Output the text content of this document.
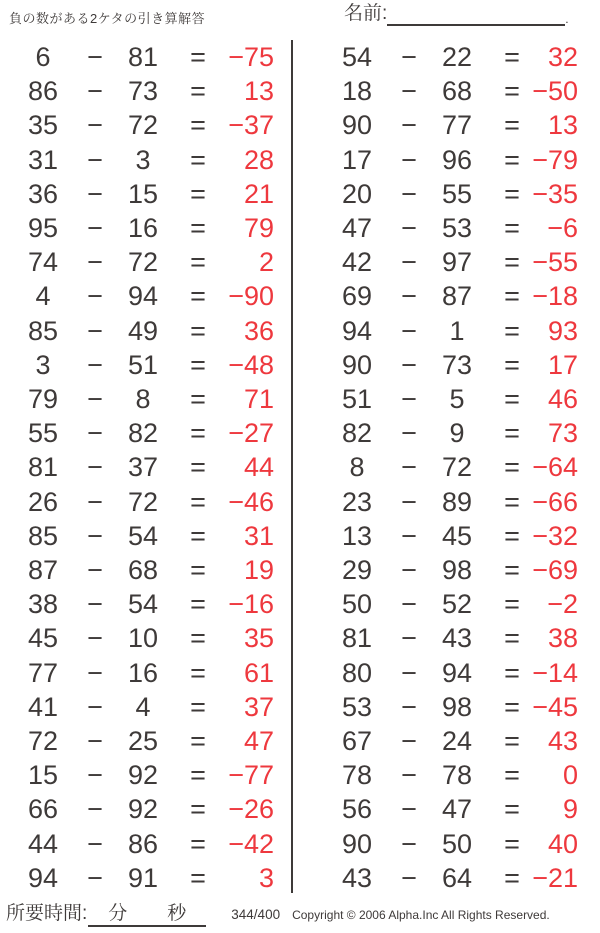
負の数がある2ケタの引き算解答	名前:	.
6	− 81	= −75
86	− 73	=	13
35	− 72	= −37
31	−	3	=	28
36	− 15	=	21
95	− 16	=	79
74	− 72	=	2
4	− 94	= −90
85	− 49	=	36
3	− 51	= −48
79	−	8	=	71
55	− 82	= −27
81	− 37	=	44
26	− 72	= −46
85	− 54	=	31
87	− 68	=	19
38	− 54	= −16
45	− 10	=	35
77	− 16	=	61
41	−	4	=	37
72	− 25	=	47
15	− 92	= −77
66	− 92	= −26
44	− 86	= −42
94	− 91	=	3
54	− 22	=	32
18	− 68	= −50
90	− 77	=	13
17	− 96	= −79
20	− 55	= −35
47	− 53	=	−6
42	− 97	= −55
69	− 87	= −18
94	−	1	=	93
90	− 73	=	17
51	−	5	=	46
82	−	9	=	73
8	− 72	= −64
23	− 89	= −66
13	− 45	= −32
29	− 98	= −69
50	− 52	=	−2
81	− 43	=	38
80	− 94	= −14
53	− 98	= −45
67	− 24	=	43
78	− 78	=	0
56	− 47	=	9
90	− 50	=	40
43	− 64	= −21
所要時間: 分 秒	344/400 Copyright © 2006 Alpha.Inc All Rights Reserved.
